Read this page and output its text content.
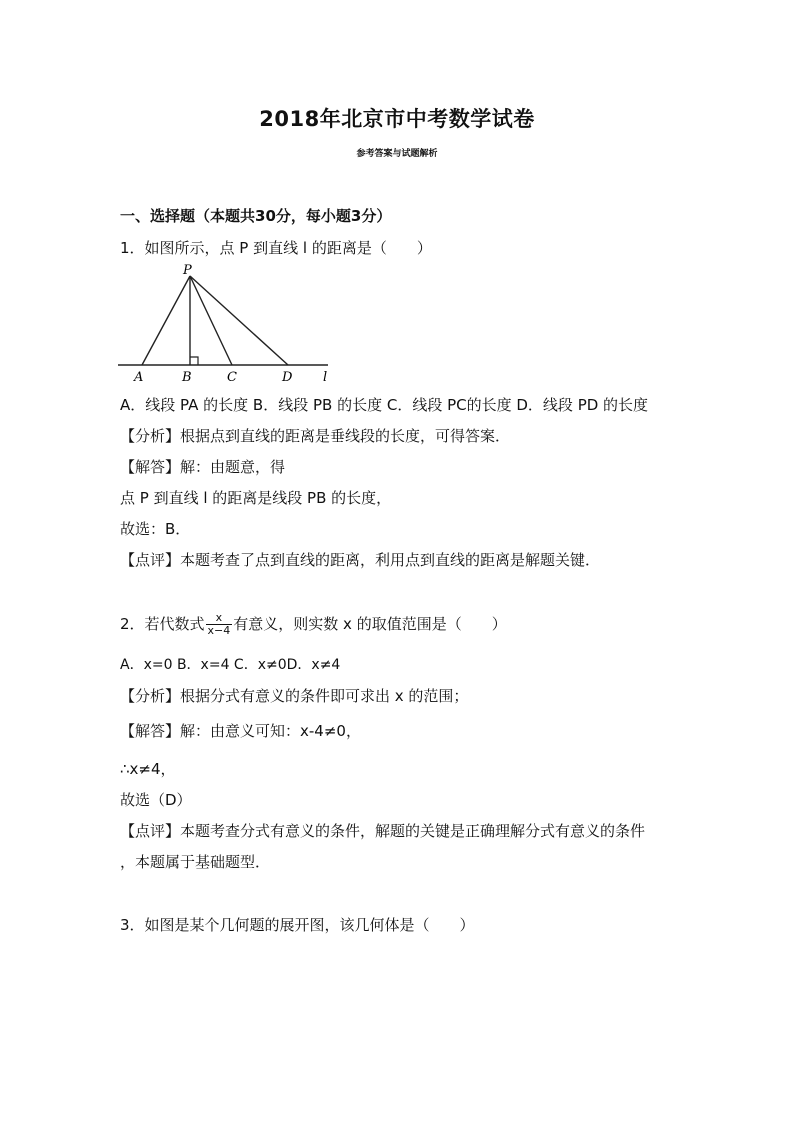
2018年北京市中考数学试卷
参考答案与试题解析
一、选择题（本题共30分，每小题3分）
1．如图所示，点 P 到直线 l 的距离是（　　）
P
A	B	C	D l
A．线段 PA 的长度 B．线段 PB 的长度 C．线段 PC的长度 D．线段 PD 的长度
【分析】根据点到直线的距离是垂线段的长度，可得答案．
【解答】解：由题意，得
点 P 到直线 l 的距离是线段 PB 的长度，
故选：B．
【点评】本题考查了点到直线的距离，利用点到直线的距离是解题关键．
2．若代数式 $\frac{x}{x-4}$ 有意义，则实数 x 的取值范围是（　　）
A．x=0 B．x=4 C．x≠0D．x≠4
【分析】根据分式有意义的条件即可求出 x 的范围；
【解答】解：由意义可知：x-4≠0，
∴x≠4，
故选（D）
【点评】本题考查分式有意义的条件，解题的关键是正确理解分式有意义的条件
，本题属于基础题型．
3．如图是某个几何题的展开图，该几何体是（　　）
